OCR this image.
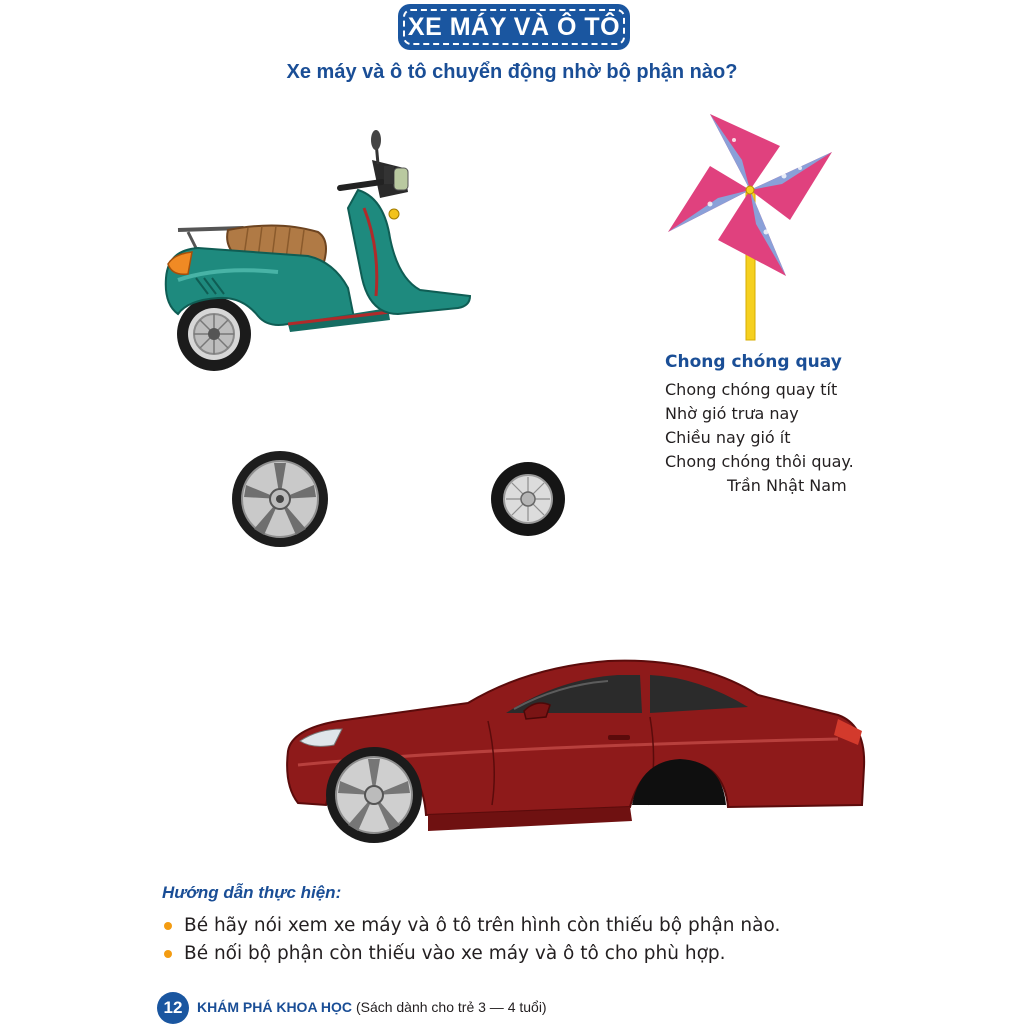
XE MÁY VÀ Ô TÔ
Xe máy và ô tô chuyển động nhờ bộ phận nào?
Chong chóng quay
Chong chóng quay tít
Nhờ gió trưa nay
Chiều nay gió ít
Chong chóng thôi quay.
Trần Nhật Nam
Hướng dẫn thực hiện:
Bé hãy nói xem xe máy và ô tô trên hình còn thiếu bộ phận nào.
Bé nối bộ phận còn thiếu vào xe máy và ô tô cho phù hợp.
12	KHÁM PHÁ KHOA HỌC (Sách dành cho trẻ 3 — 4 tuổi)
